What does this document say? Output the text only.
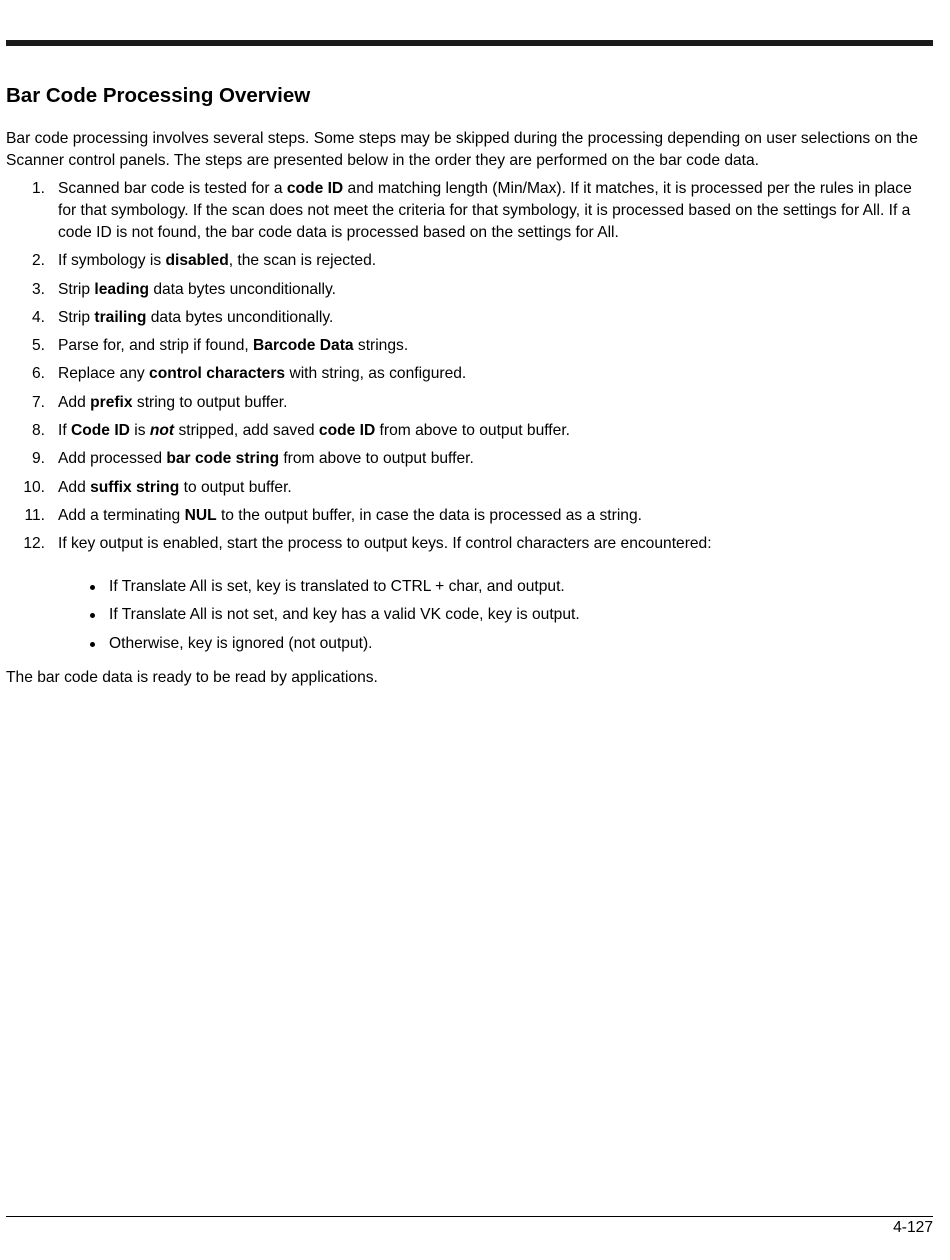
Bar Code Processing Overview

Bar code processing involves several steps. Some steps may be skipped during the processing depending on user selections on the Scanner control panels. The steps are presented below in the order they are performed on the bar code data.

1. Scanned bar code is tested for a code ID and matching length (Min/Max). If it matches, it is processed per the rules in place for that symbology. If the scan does not meet the criteria for that symbology, it is processed based on the settings for All. If a code ID is not found, the bar code data is processed based on the settings for All.
2. If symbology is disabled, the scan is rejected.
3. Strip leading data bytes unconditionally.
4. Strip trailing data bytes unconditionally.
5. Parse for, and strip if found, Barcode Data strings.
6. Replace any control characters with string, as configured.
7. Add prefix string to output buffer.
8. If Code ID is not stripped, add saved code ID from above to output buffer.
9. Add processed bar code string from above to output buffer.
10. Add suffix string to output buffer.
11. Add a terminating NUL to the output buffer, in case the data is processed as a string.
12. If key output is enabled, start the process to output keys. If control characters are encountered:
If Translate All is set, key is translated to CTRL + char, and output.
If Translate All is not set, and key has a valid VK code, key is output.
Otherwise, key is ignored (not output).

The bar code data is ready to be read by applications.

4-127
